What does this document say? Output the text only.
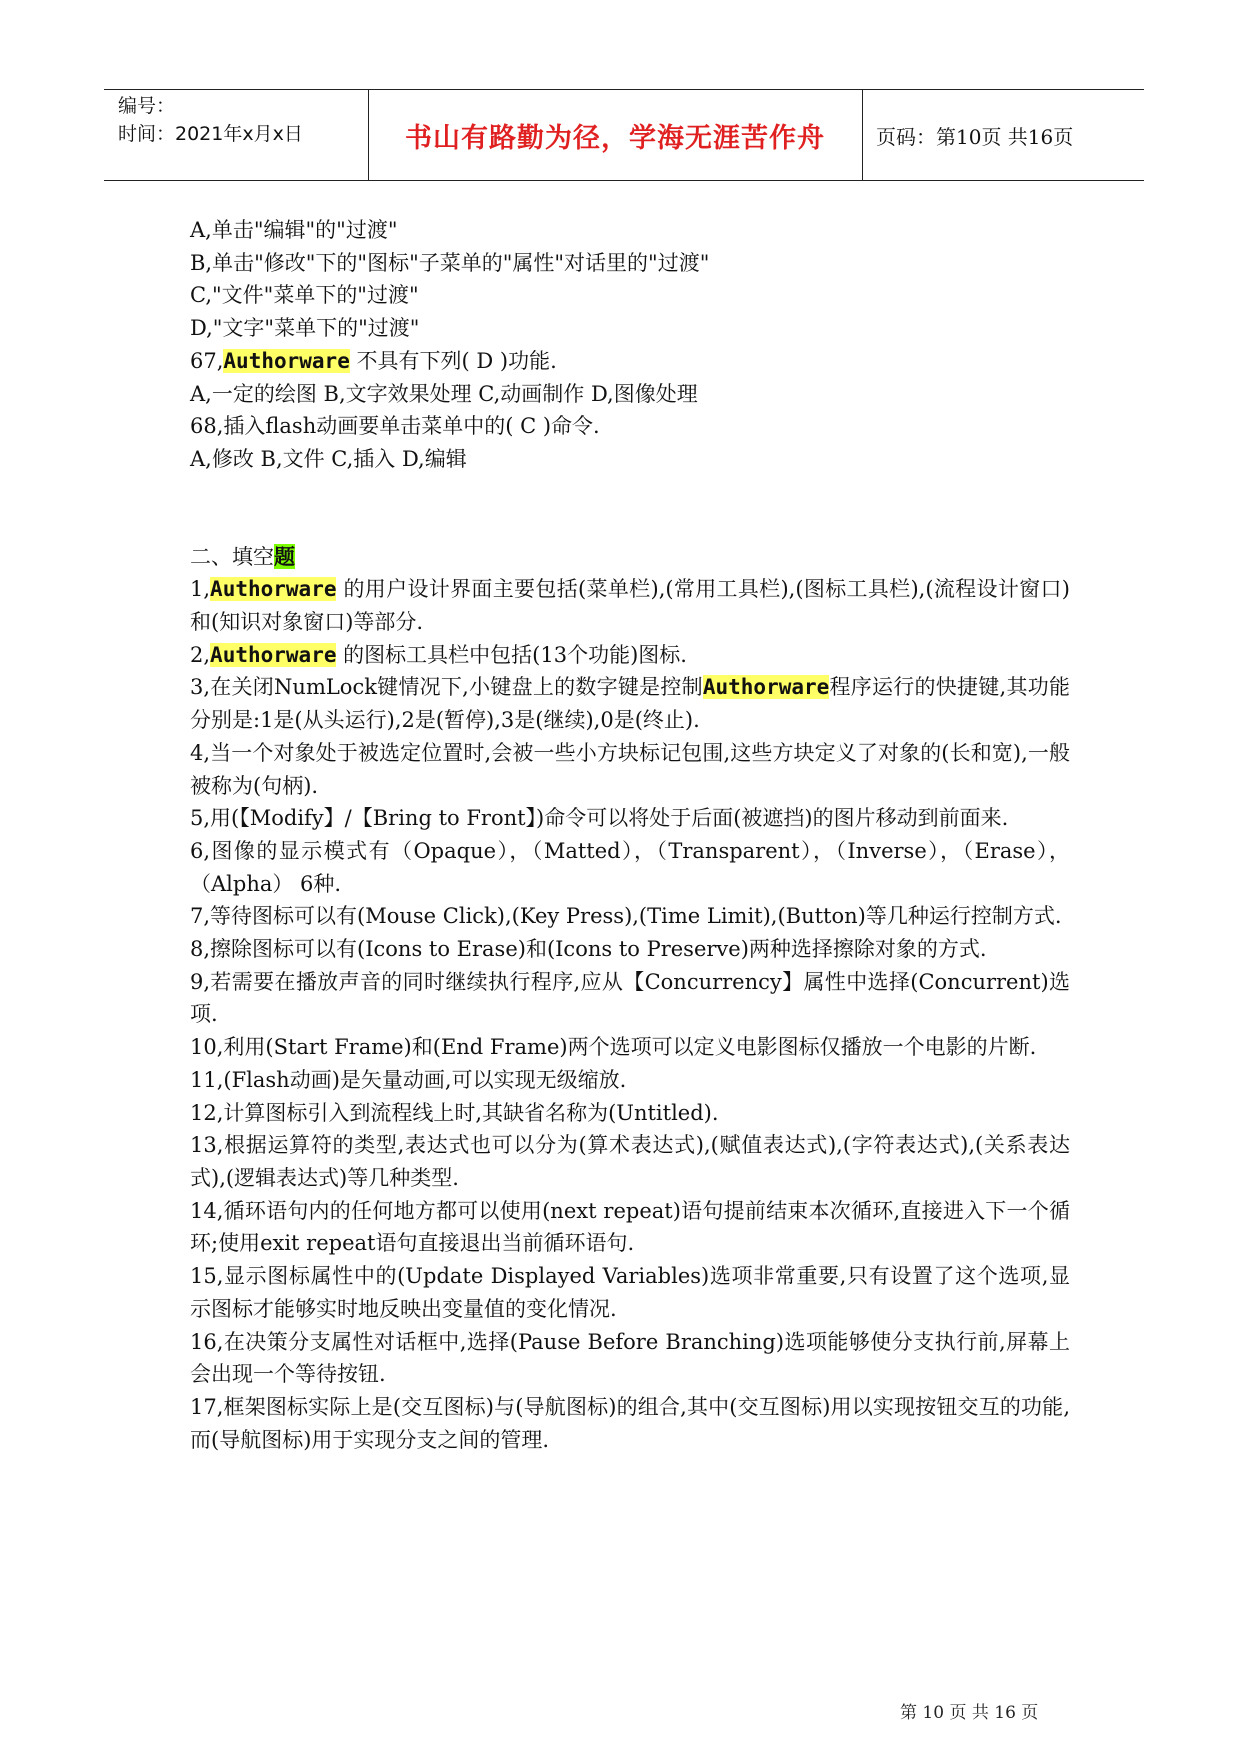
编号：
时间：2021年x月x日	书山有路勤为径，学海无涯苦作舟	页码：第10页 共16页

A,单击"编辑"的"过渡"

B,单击"修改"下的"图标"子菜单的"属性"对话里的"过渡"

C,"文件"菜单下的"过渡"

D,"文字"菜单下的"过渡"

67,Authorware 不具有下列( D )功能.

A,一定的绘图 B,文字效果处理 C,动画制作 D,图像处理

68,插入flash动画要单击菜单中的( C )命令.

A,修改 B,文件 C,插入 D,编辑

二、填空题

1,Authorware 的用户设计界面主要包括(菜单栏),(常用工具栏),(图标工具栏),(流程设计窗口)和(知识对象窗口)等部分.

2,Authorware 的图标工具栏中包括(13个功能)图标.

3,在关闭NumLock键情况下,小键盘上的数字键是控制Authorware程序运行的快捷键,其功能分别是:1是(从头运行),2是(暂停),3是(继续),0是(终止).

4,当一个对象处于被选定位置时,会被一些小方块标记包围,这些方块定义了对象的(长和宽),一般被称为(句柄).

5,用(【Modify】/【Bring to Front】)命令可以将处于后面(被遮挡)的图片移动到前面来.

6,图像的显示模式有（Opaque），（Matted），（Transparent），（Inverse），（Erase），（Alpha） 6种.

7,等待图标可以有(Mouse Click),(Key Press),(Time Limit),(Button)等几种运行控制方式.

8,擦除图标可以有(Icons to Erase)和(Icons to Preserve)两种选择擦除对象的方式.

9,若需要在播放声音的同时继续执行程序,应从【Concurrency】属性中选择(Concurrent)选项.

10,利用(Start Frame)和(End Frame)两个选项可以定义电影图标仅播放一个电影的片断.

11,(Flash动画)是矢量动画,可以实现无级缩放.

12,计算图标引入到流程线上时,其缺省名称为(Untitled).

13,根据运算符的类型,表达式也可以分为(算术表达式),(赋值表达式),(字符表达式),(关系表达式),(逻辑表达式)等几种类型.

14,循环语句内的任何地方都可以使用(next repeat)语句提前结束本次循环,直接进入下一个循环;使用exit repeat语句直接退出当前循环语句.

15,显示图标属性中的(Update Displayed Variables)选项非常重要,只有设置了这个选项,显示图标才能够实时地反映出变量值的变化情况.

16,在决策分支属性对话框中,选择(Pause Before Branching)选项能够使分支执行前,屏幕上会出现一个等待按钮.

17,框架图标实际上是(交互图标)与(导航图标)的组合,其中(交互图标)用以实现按钮交互的功能,而(导航图标)用于实现分支之间的管理.

第 10 页 共 16 页
